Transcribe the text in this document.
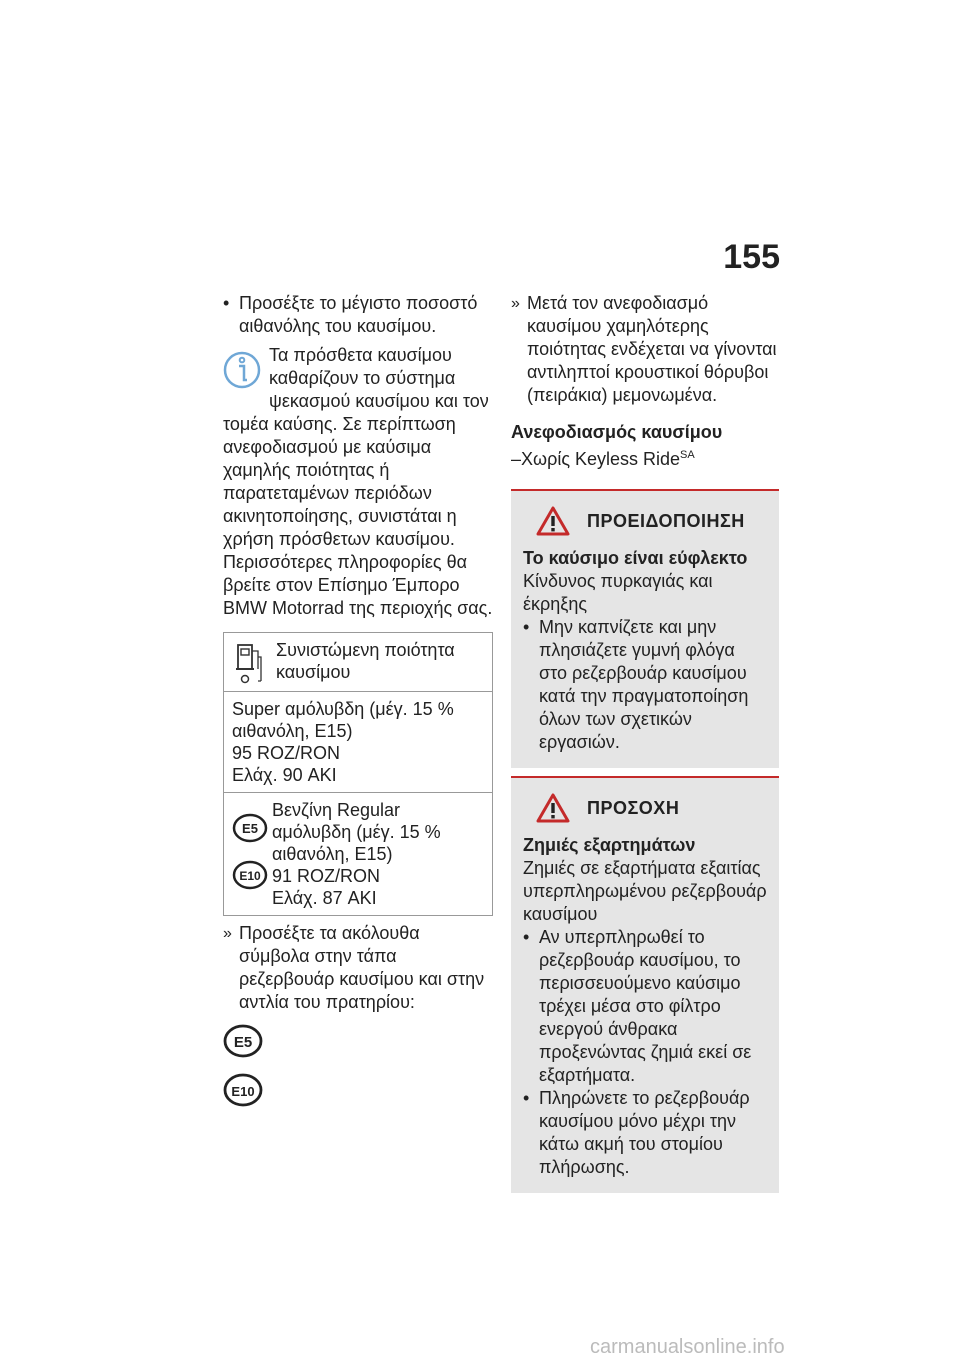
155
• Προσέξτε το μέγιστο ποσοστό αιθανόλης του καυσίμου.

Τα πρόσθετα καυσίμου καθαρίζουν το σύστημα ψεκασμού καυσίμου και τον τομέα καύσης. Σε περίπτωση ανεφοδιασμού με καύσιμα χαμηλής ποιότητας ή παρατεταμένων περιόδων ακινητοποίησης, συνιστάται η χρήση πρόσθετων καυσίμου. Περισσότερες πληροφορίες θα βρείτε στον Επίσημο Έμπορο BMW Motorrad της περιοχής σας.

Συνιστώμενη ποιότητα καυσίμου

Super αμόλυβδη (μέγ. 15 %
αιθανόλη, E15)
95 ROZ/RON
Ελάχ. 90 AKI

E5
E10
Βενζίνη Regular αμόλυβδη (μέγ. 15 % αιθανόλη, E15)
91 ROZ/RON
Ελάχ. 87 AKI
» Προσέξτε τα ακόλουθα σύμβολα στην τάπα ρεζερβουάρ καυσίμου και στην αντλία του πρατηρίου:
E5
E10
» Μετά τον ανεφοδιασμό καυσίμου χαμηλότερης ποιότητας ενδέχεται να γίνονται αντιληπτοί κρουστικοί θόρυβοι (πειράκια) μεμονωμένα.
Ανεφοδιασμός καυσίμου
–Χωρίς Keyless Ride$^{SA}$
ΠΡΟΕΙΔΟΠΟΙΗΣΗ
Το καύσιμο είναι εύφλεκτο

Κίνδυνος πυρκαγιάς και έκρηξης

• Μην καπνίζετε και μην πλησιάζετε γυμνή φλόγα στο ρεζερβουάρ καυσίμου κατά την πραγματοποίηση όλων των σχετικών εργασιών.
ΠΡΟΣΟΧΗ
Ζημιές εξαρτημάτων

Ζημιές σε εξαρτήματα εξαιτίας υπερπληρωμένου ρεζερβουάρ καυσίμου

• Αν υπερπληρωθεί το ρεζερβουάρ καυσίμου, το περισσευούμενο καύσιμο τρέχει μέσα στο φίλτρο ενεργού άνθρακα προξενώντας ζημιά εκεί σε εξαρτήματα.
• Πληρώνετε το ρεζερβουάρ καυσίμου μόνο μέχρι την κάτω ακμή του στομίου πλήρωσης.
carmanualsonline.info
